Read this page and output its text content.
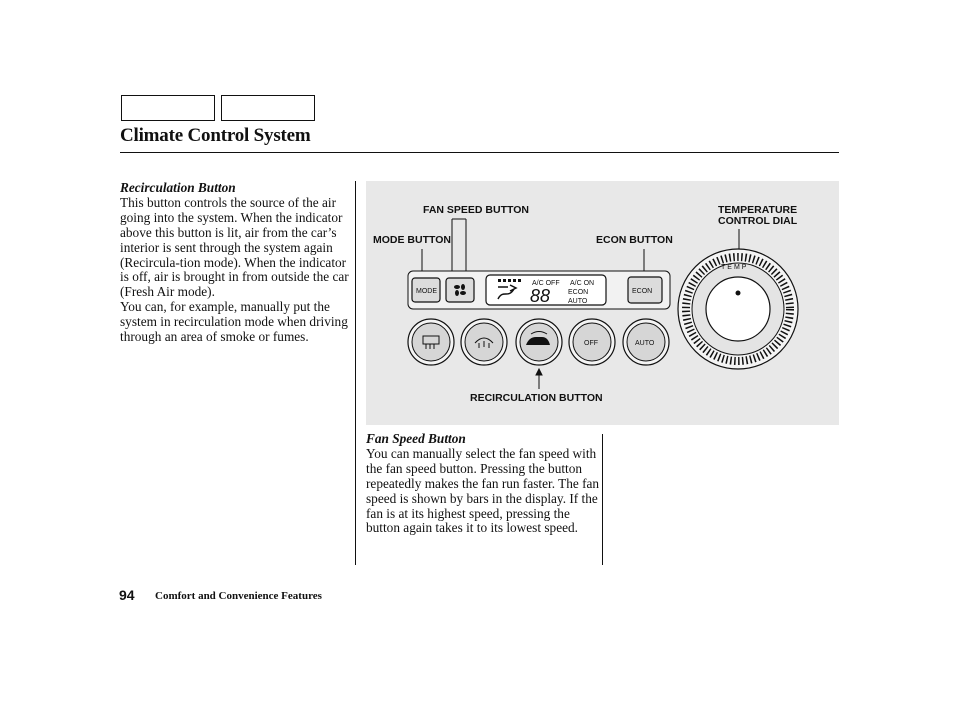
Climate Control System
Recirculation Button
This button controls the source of the air going into the system. When the indicator above this button is lit, air from the car’s interior is sent through the system again (Recircula-tion mode). When the indicator is off, air is brought in from outside the car (Fresh Air mode).
You can, for example, manually put the system in recirculation mode when driving through an area of smoke or fumes.
FAN SPEED BUTTON
MODE BUTTON	ECON BUTTON
TEMPERATURE
CONTROL DIAL
RECIRCULATION BUTTON
MODE
A/C OFF A/C ON
88	ECON
AUTO
ECON
OFF	AUTO
TEMP
Fan Speed Button
You can manually select the fan speed with the fan speed button. Pressing the button repeatedly makes the fan run faster. The fan speed is shown by bars in the display. If the fan is at its highest speed, pressing the button again takes it to its lowest speed.
94 Comfort and Convenience Features
